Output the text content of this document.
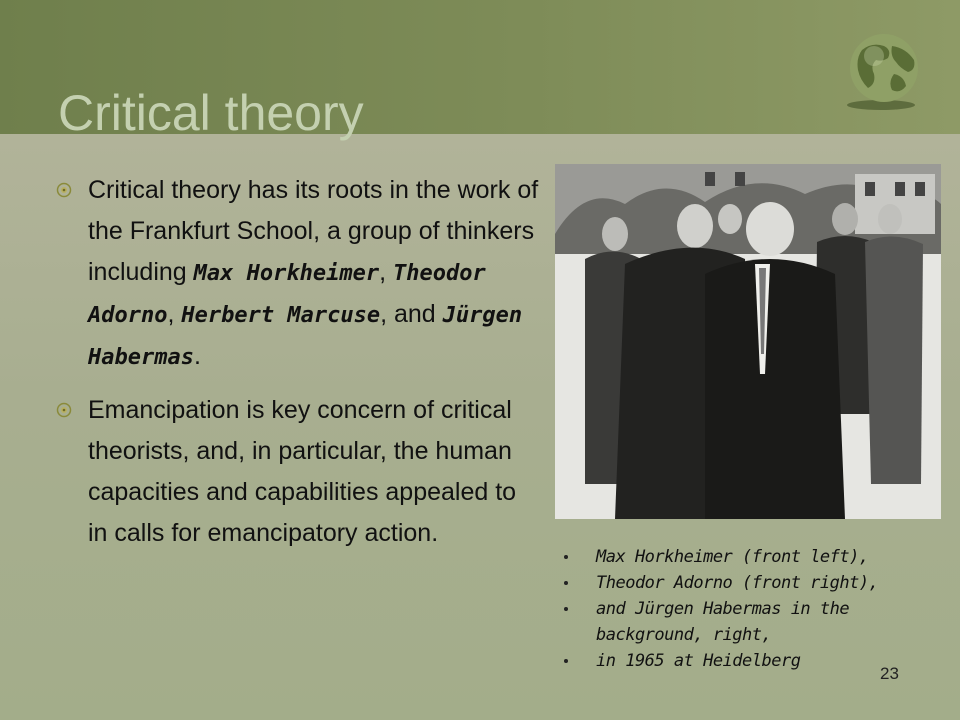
Critical theory
Critical theory has its roots in the work of the Frankfurt School, a group of thinkers including Max Horkheimer, Theodor Adorno, Herbert Marcuse, and Jürgen Habermas.
Emancipation is key concern of critical theorists, and, in particular, the human capacities and capabilities appealed to in calls for emancipatory action.
Max Horkheimer (front left),
Theodor Adorno (front right),
and Jürgen Habermas in the background, right,
in 1965 at Heidelberg
23
